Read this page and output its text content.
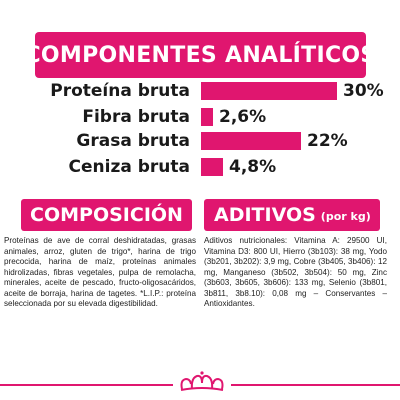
COMPONENTES ANALÍTICOS
Proteína bruta	30%
Fibra bruta 2,6%
Grasa bruta	22%
Ceniza bruta 4,8%
COMPOSICIÓN ADITIVOS (por kg)

Proteínas de ave de corral deshidratadas, grasas animales, arroz, gluten de trigo*, harina de trigo precocida, harina de maíz, proteínas animales hidrolizadas, fibras vegetales, pulpa de remolacha, minerales, aceite de pescado, fructo-oligosacáridos, aceite de borraja, harina de tagetes. *L.I.P.: proteína seleccionada por su elevada digestibilidad.

Aditivos nutricionales: Vitamina A: 29500 UI, Vitamina D3: 800 UI, Hierro (3b103): 38 mg, Yodo (3b201, 3b202): 3,9 mg, Cobre (3b405, 3b406): 12 mg, Manganeso (3b502, 3b504): 50 mg, Zinc (3b603, 3b605, 3b606): 133 mg, Selenio (3b801, 3b811, 3b8.10): 0,08 mg – Conservantes – Antioxidantes.
